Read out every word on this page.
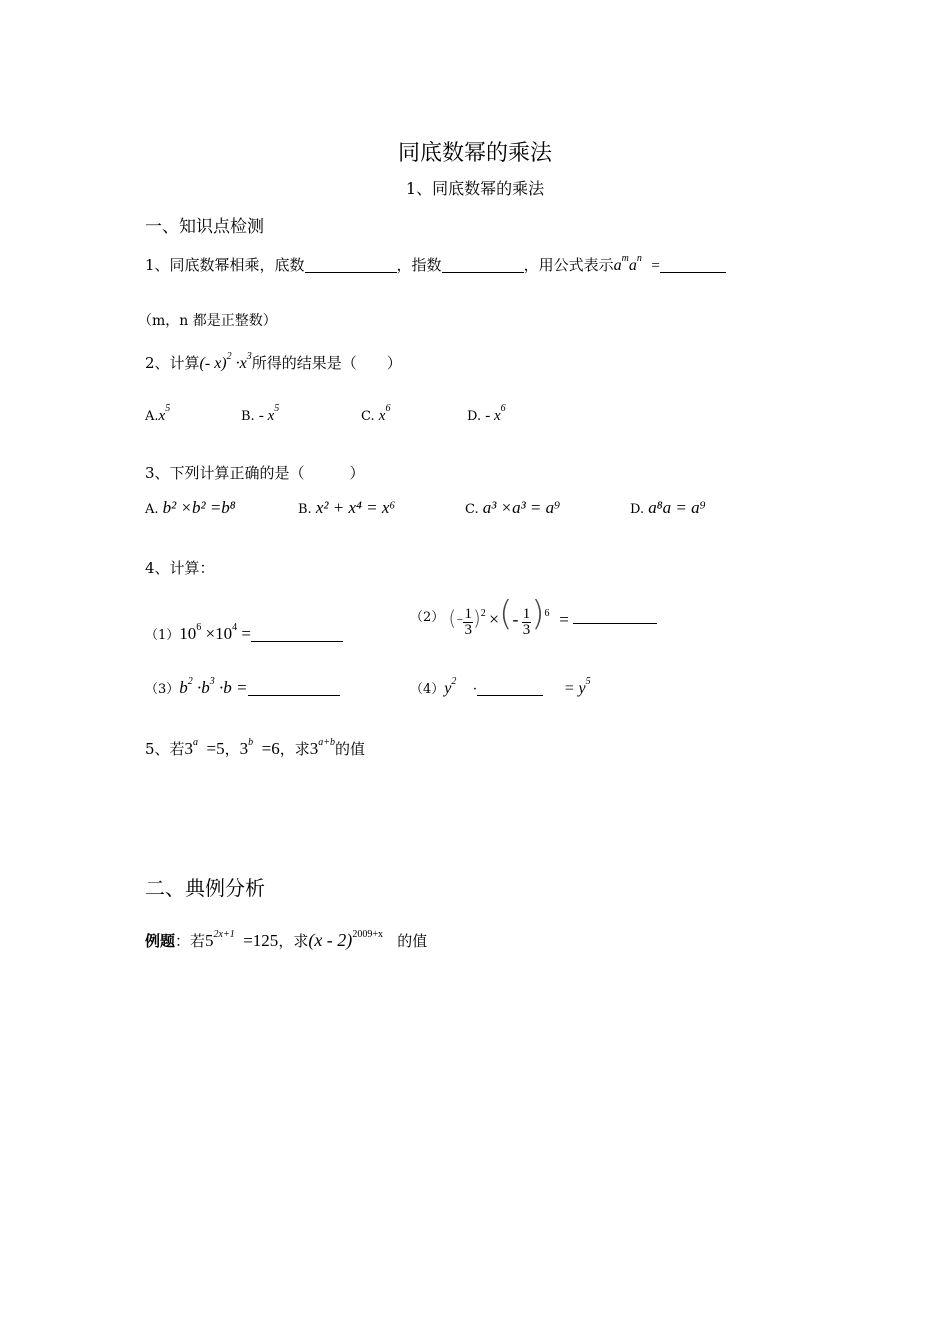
同底数幂的乘法
1、同底数幂的乘法
一、知识点检测
1、同底数幂相乘，底数	，指数	，用公式表示$a^ma^n$ =
（m，n 都是正整数）
2、计算(- $x)^2 \cdot x^3$所得的结果是（　　）
$A.x^5$
B. - $x^5$
C. $x^6$
D. - $x^6$
3、下列计算正确的是（　　　）
A. b² ×b² =b⁸	B. x² + x⁴ = x⁶	C. a³ ×a³ = a⁹	D. a⁸a = a⁹
4、计算：
$(1)10^6 \times 10^4$ =
（2） (- $\frac{1}{3} )^2$ ×(- $\frac{1}{3} )^6$ =
$(3)b^2 \cdot b^3 \cdot b$ =	$(4)y^2$    ·	= $y^5$
5、若$3^a =5$，$3^b =6$，求$3^{a+b}$的值
二、典例分析
例题：若$5^{2x+1} =125$，求(x - 2)$^{2009+x}$ 的值
